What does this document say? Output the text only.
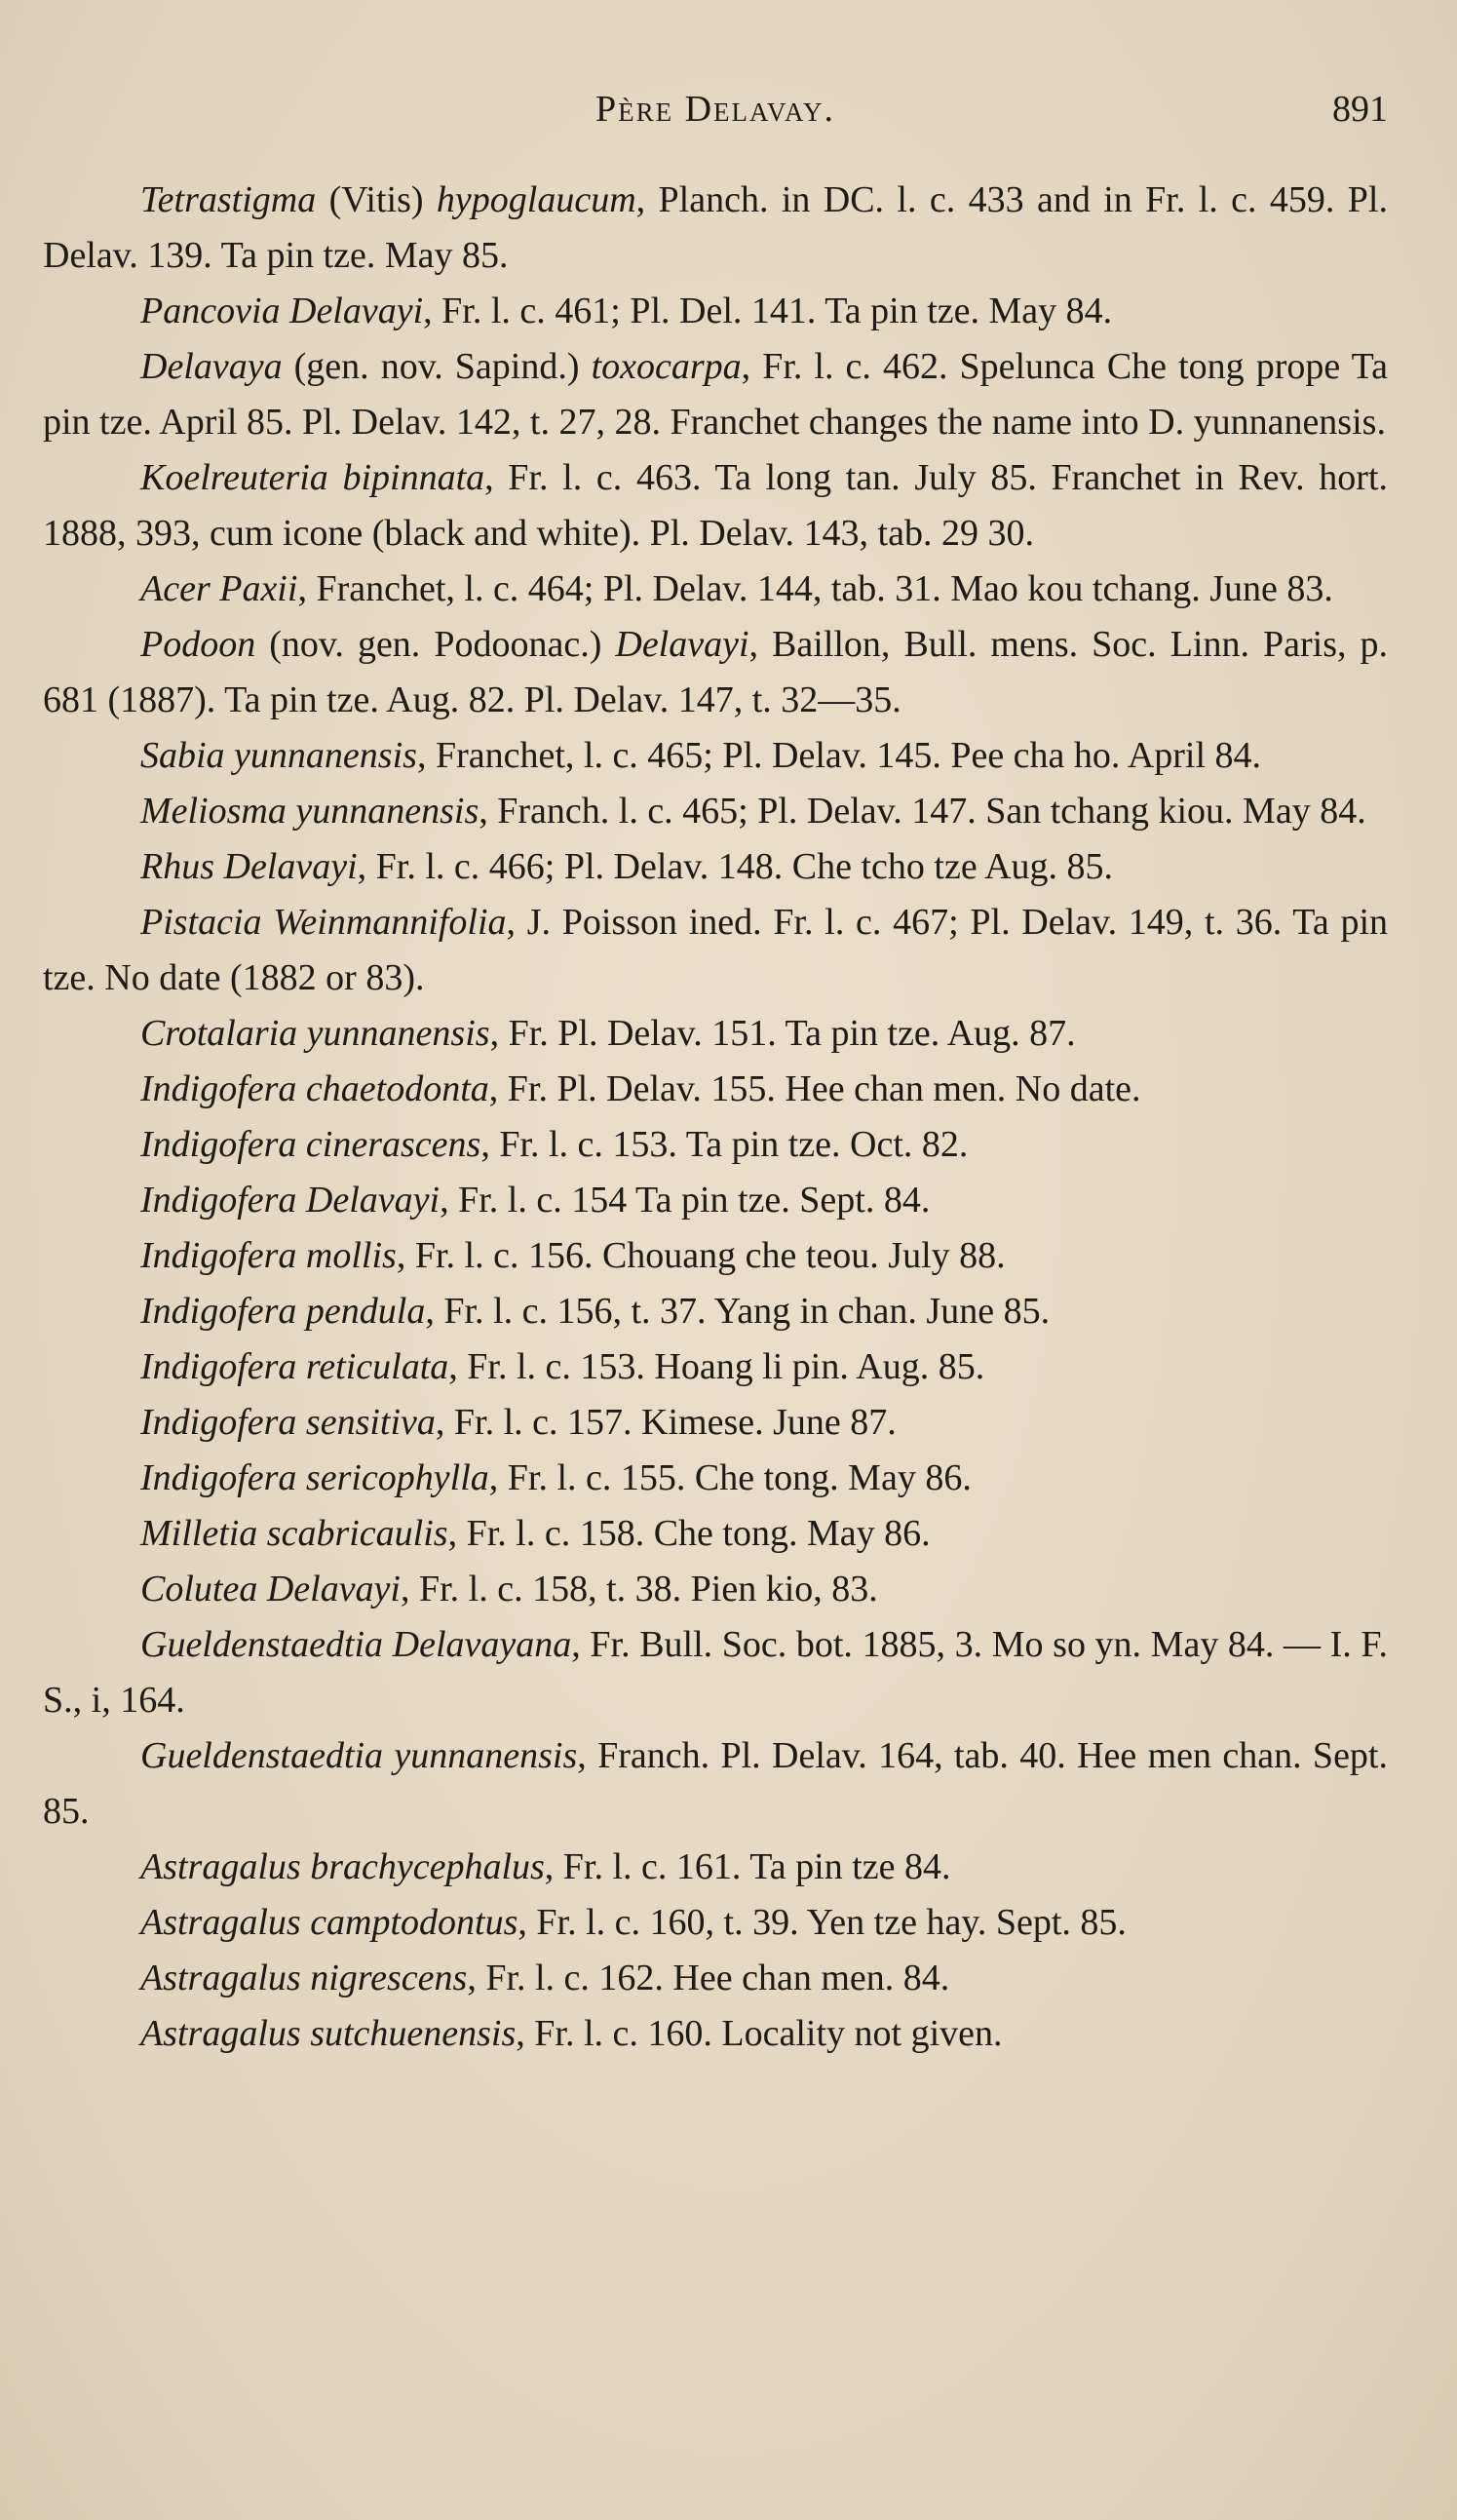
Père Delavay.	891

Tetrastigma (Vitis) hypoglaucum, Planch. in DC. l. c. 433 and in Fr. l. c. 459. Pl. Delav. 139. Ta pin tze. May 85.

Pancovia Delavayi, Fr. l. c. 461; Pl. Del. 141. Ta pin tze. May 84.

Delavaya (gen. nov. Sapind.) toxocarpa, Fr. l. c. 462. Spelunca Che tong prope Ta pin tze. April 85. Pl. Delav. 142, t. 27, 28. Franchet changes the name into D. yunnanensis.

Koelreuteria bipinnata, Fr. l. c. 463. Ta long tan. July 85. Franchet in Rev. hort. 1888, 393, cum icone (black and white). Pl. Delav. 143, tab. 29 30.

Acer Paxii, Franchet, l. c. 464; Pl. Delav. 144, tab. 31. Mao kou tchang. June 83.

Podoon (nov. gen. Podoonac.) Delavayi, Baillon, Bull. mens. Soc. Linn. Paris, p. 681 (1887). Ta pin tze. Aug. 82. Pl. Delav. 147, t. 32—35.

Sabia yunnanensis, Franchet, l. c. 465; Pl. Delav. 145. Pee cha ho. April 84.

Meliosma yunnanensis, Franch. l. c. 465; Pl. Delav. 147. San tchang kiou. May 84.

Rhus Delavayi, Fr. l. c. 466; Pl. Delav. 148. Che tcho tze Aug. 85.

Pistacia Weinmannifolia, J. Poisson ined. Fr. l. c. 467; Pl. Delav. 149, t. 36. Ta pin tze. No date (1882 or 83).

Crotalaria yunnanensis, Fr. Pl. Delav. 151. Ta pin tze. Aug. 87.

Indigofera chaetodonta, Fr. Pl. Delav. 155. Hee chan men. No date.

Indigofera cinerascens, Fr. l. c. 153. Ta pin tze. Oct. 82.

Indigofera Delavayi, Fr. l. c. 154 Ta pin tze. Sept. 84.

Indigofera mollis, Fr. l. c. 156. Chouang che teou. July 88.

Indigofera pendula, Fr. l. c. 156, t. 37. Yang in chan. June 85.

Indigofera reticulata, Fr. l. c. 153. Hoang li pin. Aug. 85.

Indigofera sensitiva, Fr. l. c. 157. Kimese. June 87.

Indigofera sericophylla, Fr. l. c. 155. Che tong. May 86.

Milletia scabricaulis, Fr. l. c. 158. Che tong. May 86.

Colutea Delavayi, Fr. l. c. 158, t. 38. Pien kio, 83.

Gueldenstaedtia Delavayana, Fr. Bull. Soc. bot. 1885, 3. Mo so yn. May 84. — I. F. S., i, 164.

Gueldenstaedtia yunnanensis, Franch. Pl. Delav. 164, tab. 40. Hee men chan. Sept. 85.

Astragalus brachycephalus, Fr. l. c. 161. Ta pin tze 84.

Astragalus camptodontus, Fr. l. c. 160, t. 39. Yen tze hay. Sept. 85.

Astragalus nigrescens, Fr. l. c. 162. Hee chan men. 84.

Astragalus sutchuenensis, Fr. l. c. 160. Locality not given.
